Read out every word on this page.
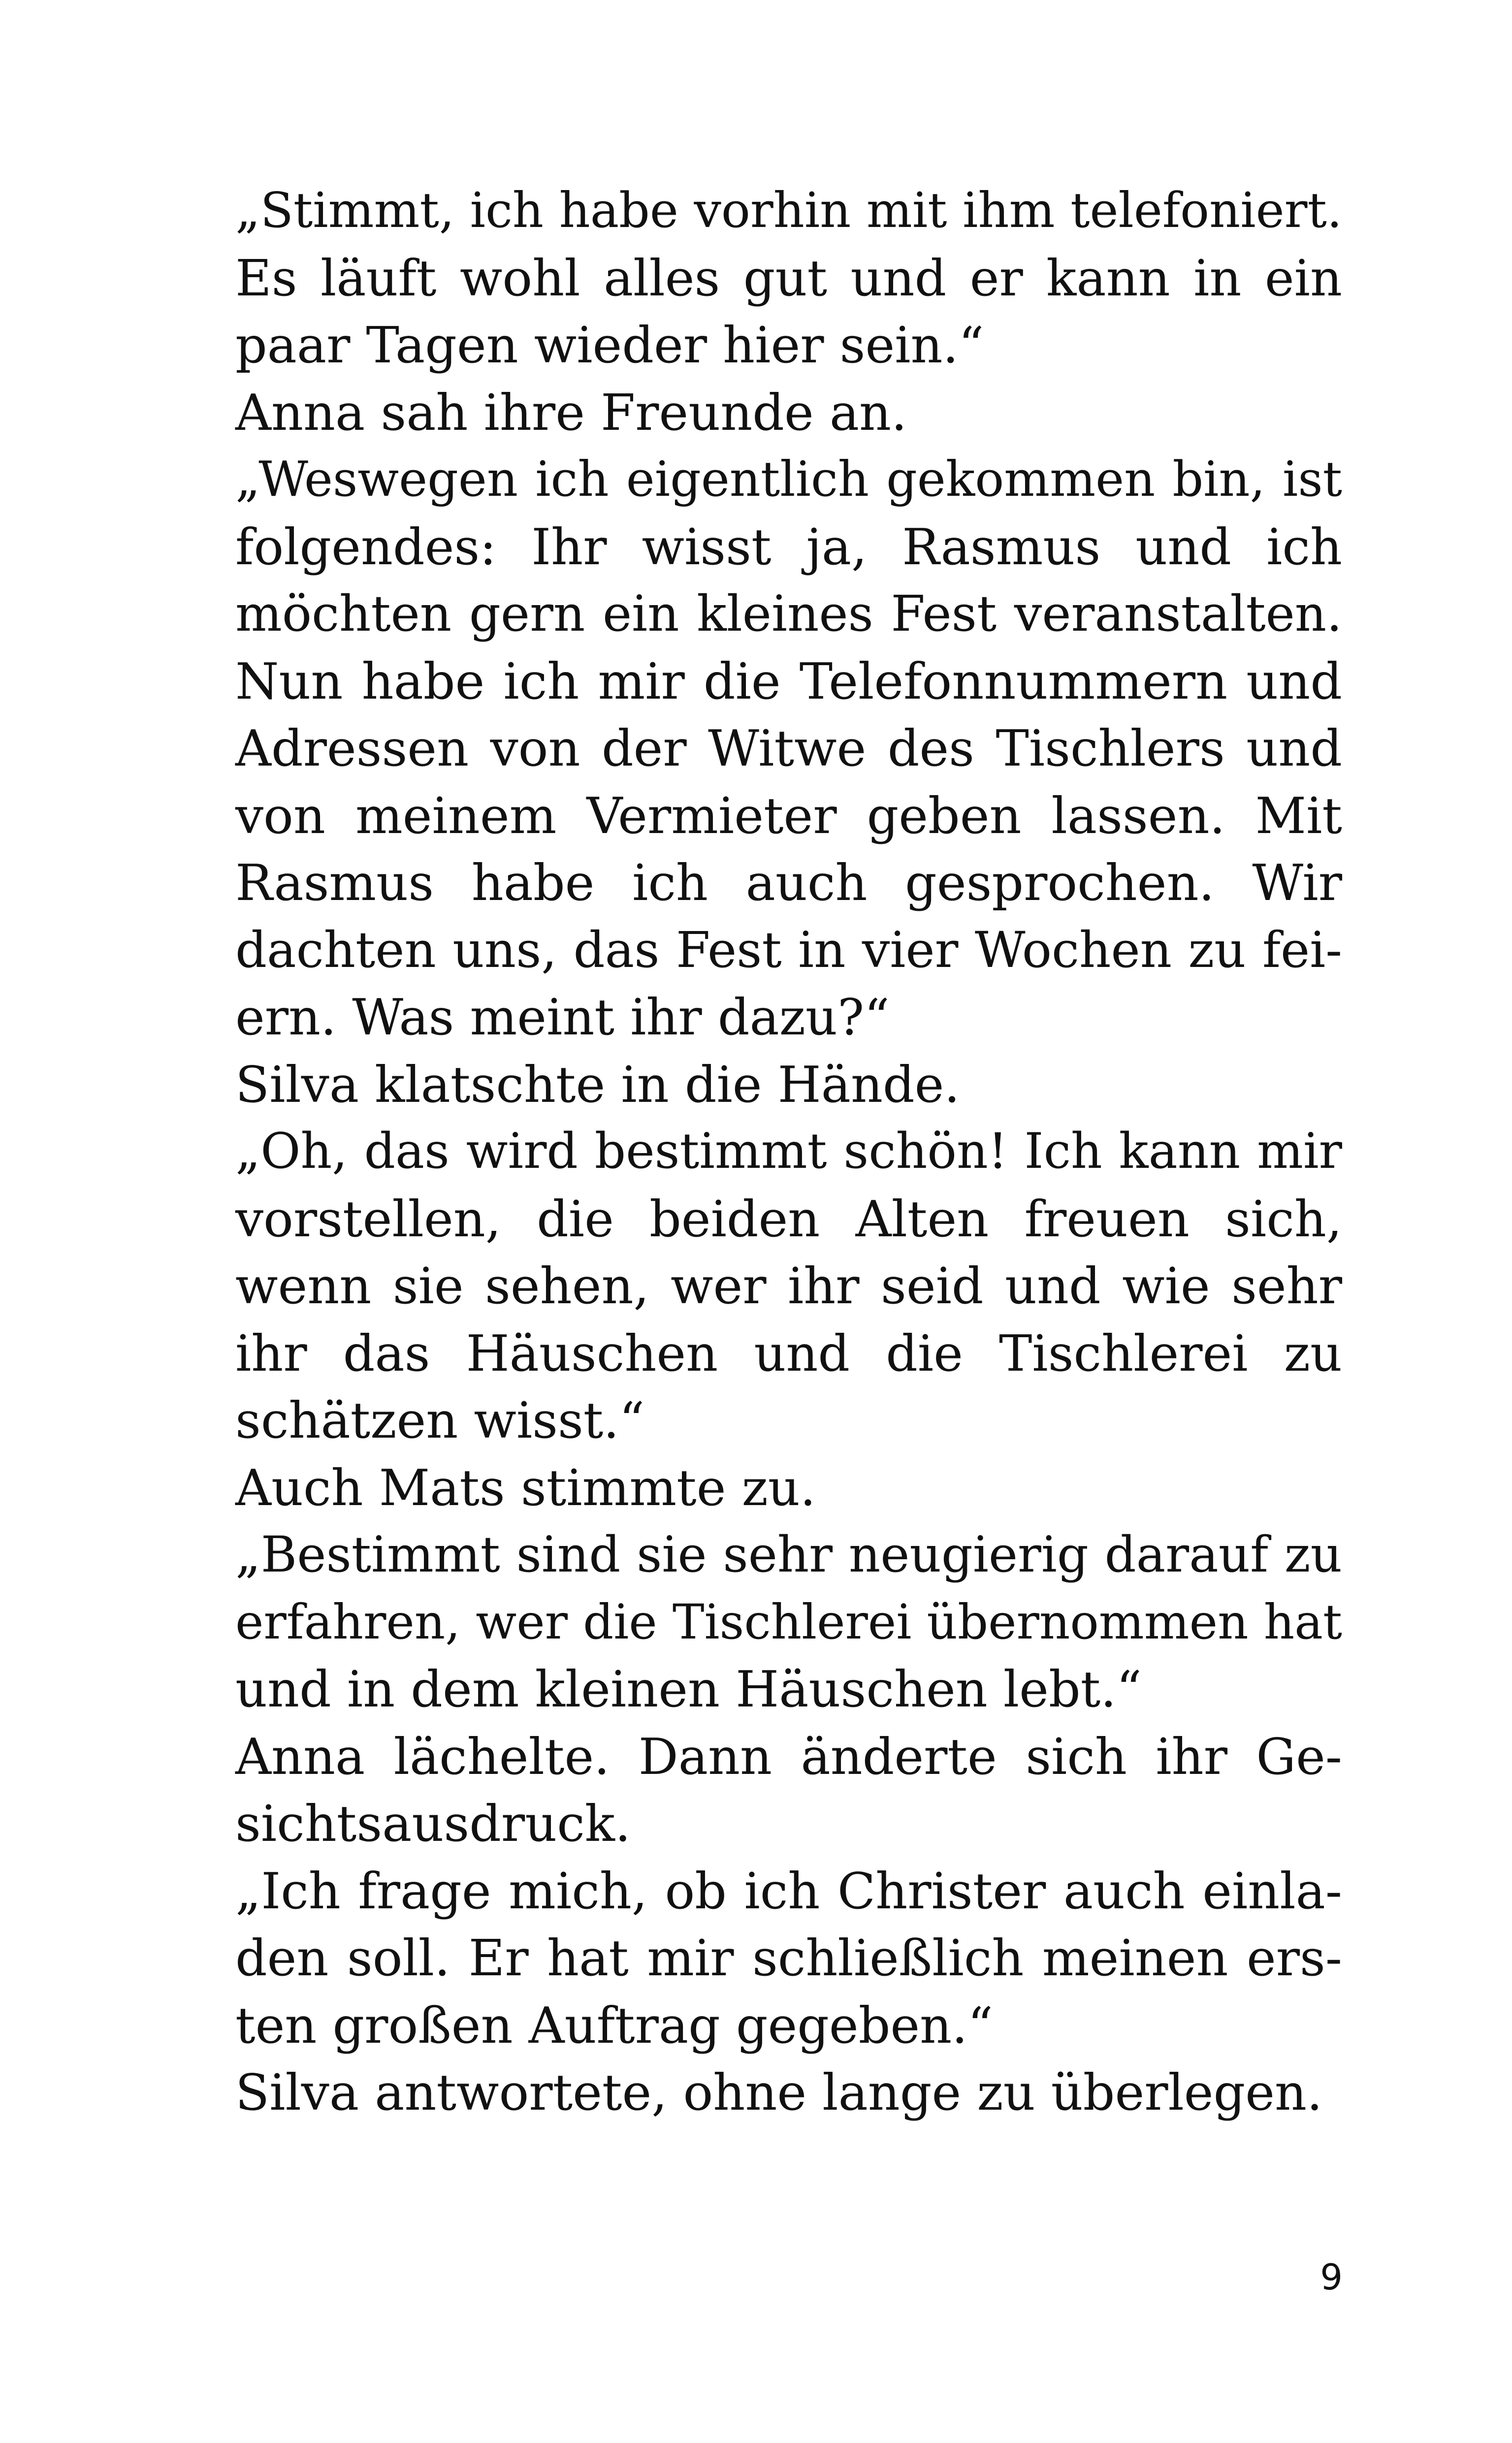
„Stimmt, ich habe vorhin mit ihm telefoniert.
Es läuft wohl alles gut und er kann in ein
paar Tagen wieder hier sein.“
Anna sah ihre Freunde an.
„Weswegen ich eigentlich gekommen bin, ist
folgendes: Ihr wisst ja, Rasmus und ich
möchten gern ein kleines Fest veranstalten.
Nun habe ich mir die Telefonnummern und
Adressen von der Witwe des Tischlers und
von meinem Vermieter geben lassen. Mit
Rasmus habe ich auch gesprochen. Wir
dachten uns, das Fest in vier Wochen zu fei-
ern. Was meint ihr dazu?“
Silva klatschte in die Hände.
„Oh, das wird bestimmt schön! Ich kann mir
vorstellen, die beiden Alten freuen sich,
wenn sie sehen, wer ihr seid und wie sehr
ihr das Häuschen und die Tischlerei zu
schätzen wisst.“
Auch Mats stimmte zu.
„Bestimmt sind sie sehr neugierig darauf zu
erfahren, wer die Tischlerei übernommen hat
und in dem kleinen Häuschen lebt.“
Anna lächelte. Dann änderte sich ihr Ge-
sichtsausdruck.
„Ich frage mich, ob ich Christer auch einla-
den soll. Er hat mir schließlich meinen ers-
ten großen Auftrag gegeben.“
Silva antwortete, ohne lange zu überlegen.
9
